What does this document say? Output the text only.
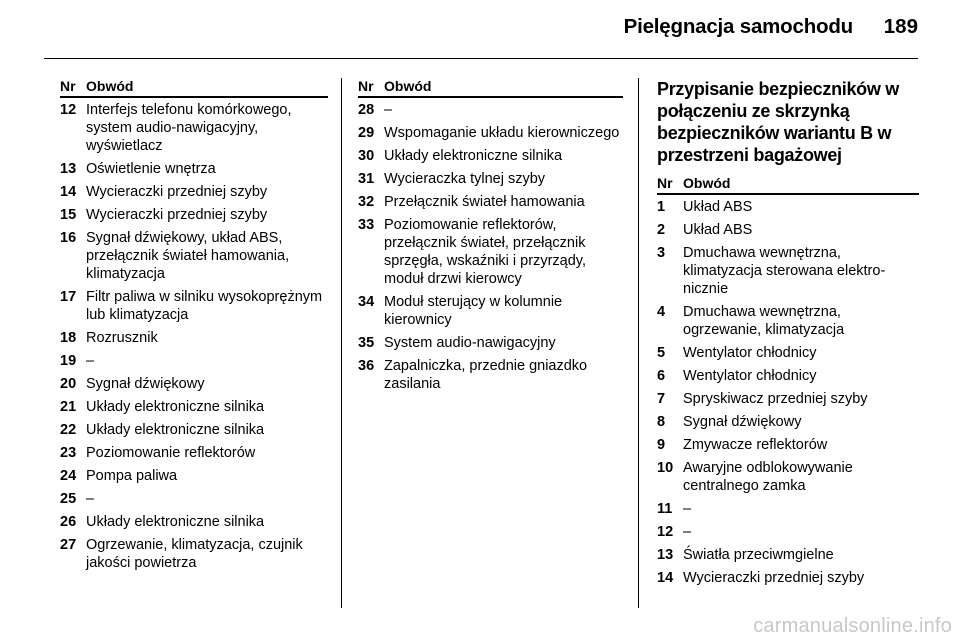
Pielęgnacja samochodu 189
Nr Obwód
12 Interfejs telefonu komórkowego, system audio-nawigacyjny, wyświetlacz
13 Oświetlenie wnętrza
14 Wycieraczki przedniej szyby
15 Wycieraczki przedniej szyby
16 Sygnał dźwiękowy, układ ABS, przełącznik świateł hamowania, klimatyzacja
17 Filtr paliwa w silniku wysokoprężnym lub klimatyzacja
18 Rozrusznik
19 –
20 Sygnał dźwiękowy
21 Układy elektroniczne silnika
22 Układy elektroniczne silnika
23 Poziomowanie reflektorów
24 Pompa paliwa
25 –
26 Układy elektroniczne silnika
27 Ogrzewanie, klimatyzacja, czujnik jakości powietrza
Nr Obwód
28 –
29 Wspomaganie układu kierowniczego
30 Układy elektroniczne silnika
31 Wycieraczka tylnej szyby
32 Przełącznik świateł hamowania
33 Poziomowanie reflektorów, przełącznik świateł, przełącznik sprzęgła, wskaźniki i przyrządy, moduł drzwi kierowcy
34 Moduł sterujący w kolumnie kierownicy
35 System audio-nawigacyjny
36 Zapalniczka, przednie gniazdko zasilania
Przypisanie bezpieczników w połączeniu ze skrzynką bezpieczników wariantu B w przestrzeni bagażowej
Nr Obwód
1	Układ ABS
2	Układ ABS
3	Dmuchawa wewnętrzna, klimatyzacja sterowana elektro-nicznie
4	Dmuchawa wewnętrzna, ogrzewanie, klimatyzacja
5	Wentylator chłodnicy
6	Wentylator chłodnicy
7	Spryskiwacz przedniej szyby
8	Sygnał dźwiękowy
9	Zmywacze reflektorów
10 Awaryjne odblokowywanie centralnego zamka
11 –
12 –
13 Światła przeciwmgielne
14 Wycieraczki przedniej szyby
carmanualsonline.info
